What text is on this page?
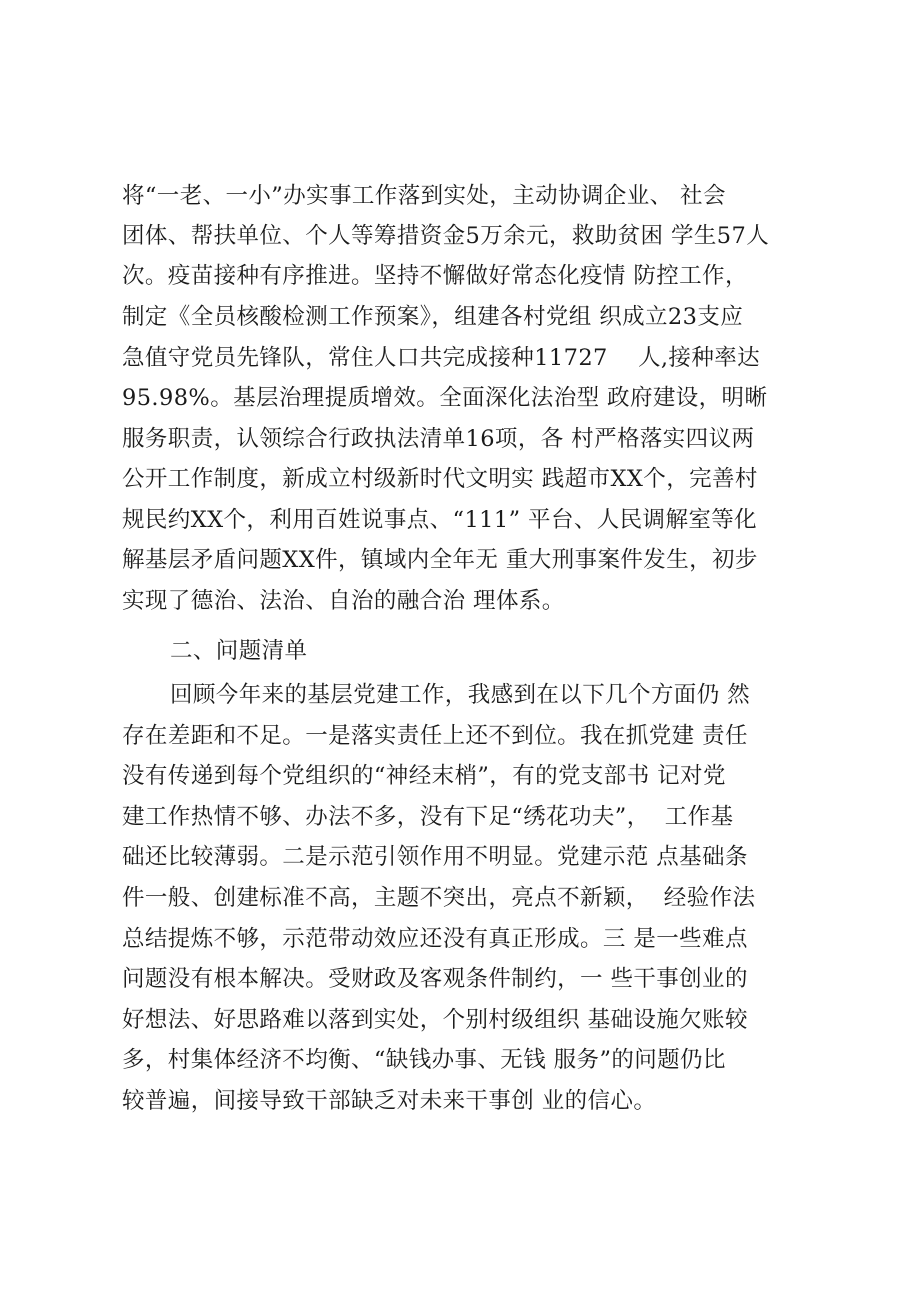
将“一老、一小”办实事工作落到实处，主动协调企业、 社会
团体、帮扶单位、个人等筹措资金5万余元，救助贫困 学生57人
次。疫苗接种有序推进。坚持不懈做好常态化疫情 防控工作，
制定《全员核酸检测工作预案》，组建各村党组 织成立23支应
急值守党员先锋队，常住人口共完成接种11727    人,接种率达
95.98%。基层治理提质增效。全面深化法治型 政府建设，明晰
服务职责，认领综合行政执法清单16项，各 村严格落实四议两
公开工作制度，新成立村级新时代文明实 践超市XX个，完善村
规民约XX个，利用百姓说事点、“111” 平台、人民调解室等化
解基层矛盾问题XX件，镇域内全年无 重大刑事案件发生，初步
实现了德治、法治、自治的融合治 理体系。
二、问题清单
回顾今年来的基层党建工作，我感到在以下几个方面仍 然
存在差距和不足。一是落实责任上还不到位。我在抓党建 责任
没有传递到每个党组织的“神经末梢”，有的党支部书 记对党
建工作热情不够、办法不多，没有下足“绣花功夫”，  工作基
础还比较薄弱。二是示范引领作用不明显。党建示范 点基础条
件一般、创建标准不高，主题不突出，亮点不新颖，  经验作法
总结提炼不够，示范带动效应还没有真正形成。三 是一些难点
问题没有根本解决。受财政及客观条件制约，一 些干事创业的
好想法、好思路难以落到实处，个别村级组织 基础设施欠账较
多，村集体经济不均衡、“缺钱办事、无钱 服务”的问题仍比
较普遍，间接导致干部缺乏对未来干事创 业的信心。
